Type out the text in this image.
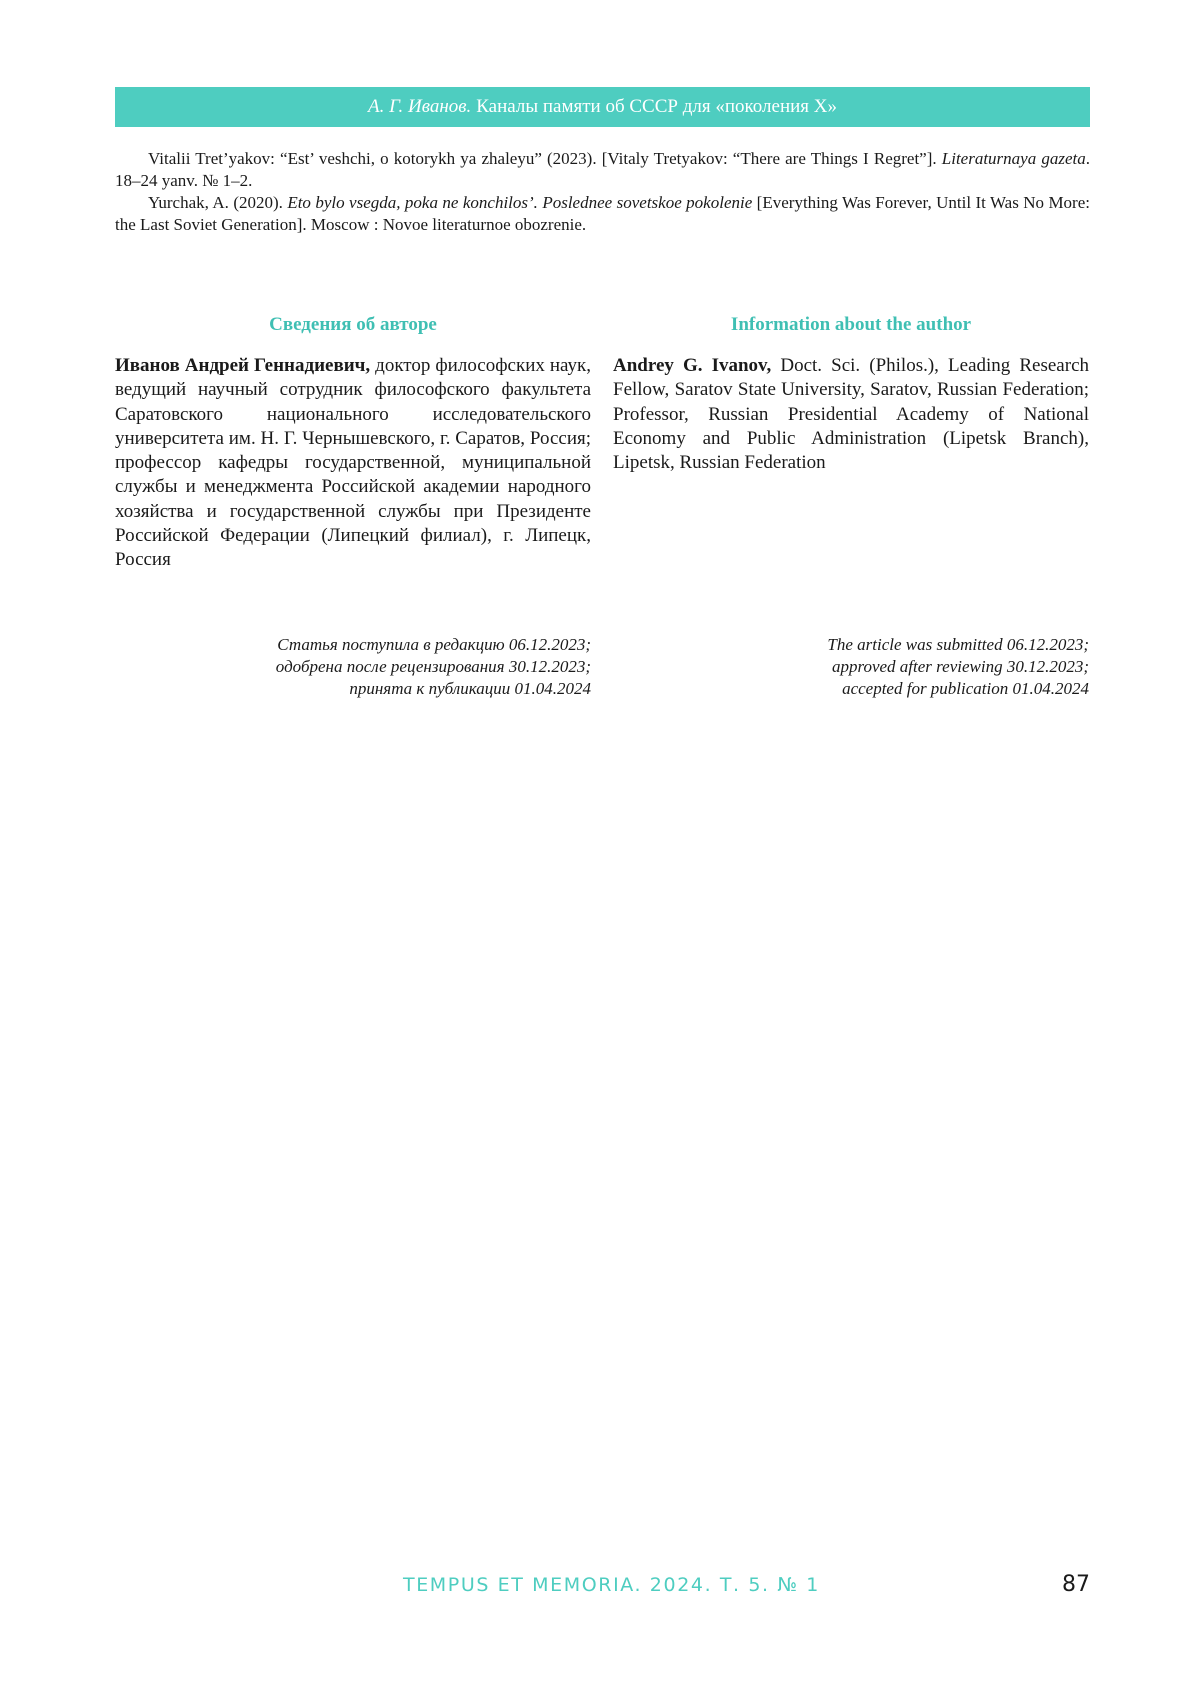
А. Г. Иванов. Каналы памяти об СССР для «поколения Х»

Vitalii Tret’yakov: “Est’ veshchi, o kotorykh ya zhaleyu” (2023). [Vitaly Tretyakov: “There are Things I Regret”]. Literaturnaya gazeta. 18–24 yanv. № 1–2.

Yurchak, A. (2020). Eto bylo vsegda, poka ne konchilos’. Poslednee sovetskoe pokolenie [Everything Was Forever, Until It Was No More: the Last Soviet Generation]. Moscow : Novoe literaturnoe obozrenie.

Сведения об авторе

Иванов Андрей Геннадиевич, доктор философских наук, ведущий научный сотрудник философского факультета Саратовского национального исследовательского университета им. Н. Г. Чернышевского, г. Саратов, Россия; профессор кафедры государственной, муниципальной службы и менеджмента Российской академии народного хозяйства и государственной службы при Президенте Российской Федерации (Липецкий филиал), г. Липецк, Россия

Information about the author

Andrey G. Ivanov, Doct. Sci. (Philos.), Leading Research Fellow, Saratov State University, Saratov, Russian Federation; Professor, Russian Presidential Academy of National Economy and Public Administration (Lipetsk Branch), Lipetsk, Russian Federation

Статья поступила в редакцию 06.12.2023;
одобрена после рецензирования 30.12.2023;
принята к публикации 01.04.2024
The article was submitted 06.12.2023;
approved after reviewing 30.12.2023;
accepted for publication 01.04.2024
TEMPUS ET MEMORIA. 2024. Т. 5. № 1	87
